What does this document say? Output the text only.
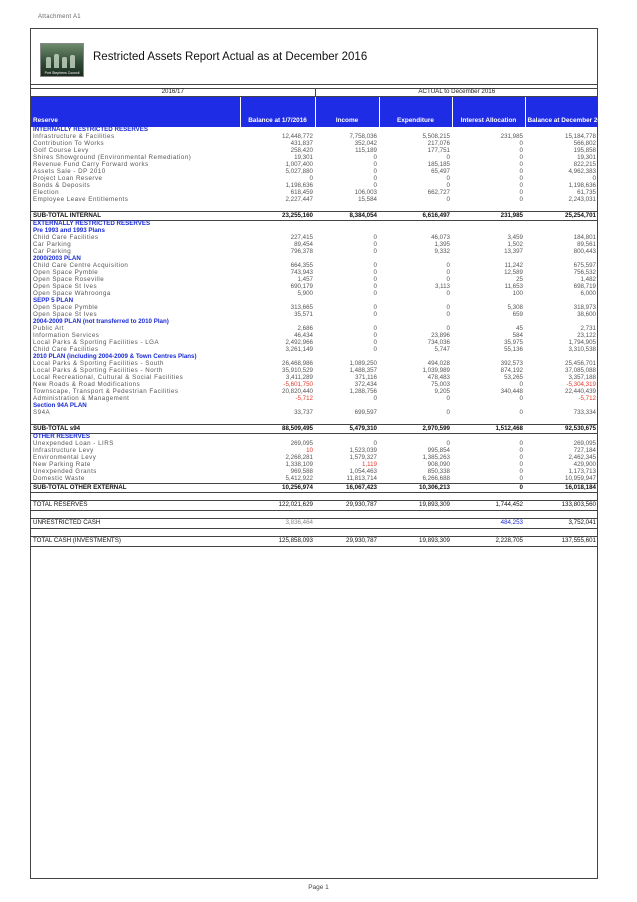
Attachment A1
Port Stephens Council
Restricted Assets Report Actual as at December 2016
2016/17		ACTUAL to December 2016			
Reserve	Balance at 1/7/2016	Income	Expenditure	Interest Allocation	Balance at December 2016
INTERNALLY RESTRICTED RESERVES					
Infrastructure & Facilities	12,448,772	7,758,036	5,508,215	231,985	15,184,778
Contribution To Works	431,837	352,042	217,076	0	566,802
Golf Course Levy	258,420	115,189	177,751	0	195,858
Shires Showground (Environmental Remediation)	19,301	0	0	0	19,301
Revenue Fund Carry Forward works	1,007,400	0	185,185	0	822,215
Assets Sale - DP 2010	5,027,880	0	65,497	0	4,962,383
Project Loan Reserve	0	0	0	0	0
Bonds & Deposits	1,198,636	0	0	0	1,198,636
Election	618,459	106,003	662,727	0	61,735
Employee Leave Entitlements	2,227,447	15,584	0	0	2,243,031

SUB-TOTAL INTERNAL	23,255,160	8,384,054	6,616,497	231,985	25,254,701
EXTERNALLY RESTRICTED RESERVES					
Pre 1993 and 1993 Plans					
Child Care Facilities	227,415	0	46,073	3,459	184,801
Car Parking	89,454	0	1,395	1,502	89,561
Car Parking	796,378	0	9,332	13,397	800,443
2000/2003 PLAN					
Child Care Centre Acquisition	664,355	0	0	11,242	675,597
Open Space Pymble	743,943	0	0	12,589	756,532
Open Space Roseville	1,457	0	0	25	1,482
Open Space St Ives	690,179	0	3,113	11,653	698,719
Open Space Wahroonga	5,900	0	0	100	6,000
SEPP 5 PLAN					
Open Space Pymble	313,665	0	0	5,308	318,973
Open Space St Ives	35,571	0	0	659	38,600
2004-2009 PLAN (not transferred to 2010 Plan)					
Public Art	2,686	0	0	45	2,731
Information Services	46,434	0	23,896	584	23,122
Local Parks & Sporting Facilities - LGA	2,492,966	0	734,036	35,975	1,794,905
Child Care Facilities	3,261,149	0	5,747	55,136	3,310,538
2010 PLAN (including 2004-2009 & Town Centres Plans)					
Local Parks & Sporting Facilities - South	26,468,986	1,089,250	494,028	392,573	25,456,701
Local Parks & Sporting Facilities - North	35,910,529	1,488,357	1,039,989	874,192	37,085,088
Local Recreational, Cultural & Social Facilities	3,411,289	371,116	478,483	53,265	3,357,188
New Roads & Road Modifications	-5,601,750	372,434	75,003	0	-5,304,319
Townscape, Transport & Pedestrian Facilities	20,820,440	1,288,756	9,205	340,448	22,440,439
Administration & Management	-5,712	0	0	0	-5,712
Section 94A PLAN					
S94A	33,737	699,597	0	0	733,334

SUB-TOTAL s94	88,509,495	5,479,310	2,970,599	1,512,468	92,530,675
OTHER RESERVES					
Unexpended Loan - LIRS	269,095	0	0	0	269,095
Infrastructure Levy	10	1,523,039	995,854	0	727,184
Environmental Levy	2,268,281	1,579,327	1,385,263	0	2,462,345
New Parking Rate	1,338,109	1,119	908,090	0	429,900
Unexpended Grants	969,588	1,054,463	850,338	0	1,173,713
Domestic Waste	5,412,922	11,813,714	6,266,688	0	10,959,947
SUB-TOTAL OTHER EXTERNAL	10,256,974	16,067,423	10,306,213	0	16,018,184

TOTAL RESERVES	122,021,629	29,930,787	19,893,309	1,744,452	133,803,560

UNRESTRICTED CASH	3,836,464			484,253	3,752,041

TOTAL CASH (INVESTMENTS)	125,858,093	29,930,787	19,893,309	2,228,705	137,555,601
Page 1
